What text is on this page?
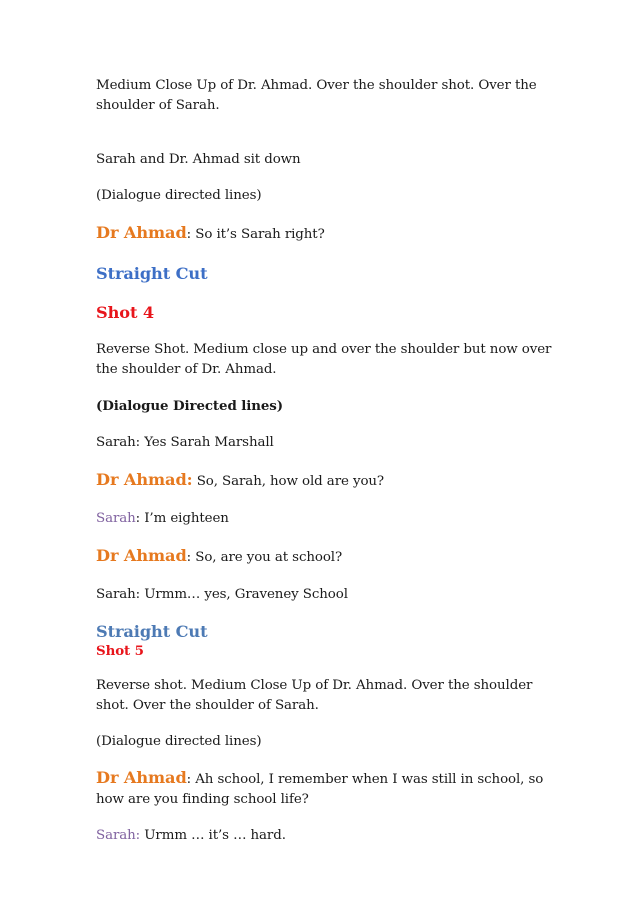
Medium Close Up of Dr. Ahmad. Over the shoulder shot. Over the shoulder of Sarah.

Sarah and Dr. Ahmad sit down

(Dialogue directed lines)

Dr Ahmad: So it’s Sarah right?

Straight Cut

Shot 4

Reverse Shot. Medium close up and over the shoulder but now over the shoulder of Dr. Ahmad.

(Dialogue Directed lines)

Sarah: Yes Sarah Marshall

Dr Ahmad: So, Sarah, how old are you?

Sarah: I’m eighteen

Dr Ahmad: So, are you at school?

Sarah: Urmm… yes, Graveney School

Straight Cut

Shot 5

Reverse shot. Medium Close Up of Dr. Ahmad. Over the shoulder shot. Over the shoulder of Sarah.

(Dialogue directed lines)

Dr Ahmad: Ah school, I remember when I was still in school, so how are you finding school life?

Sarah: Urmm … it’s … hard.
